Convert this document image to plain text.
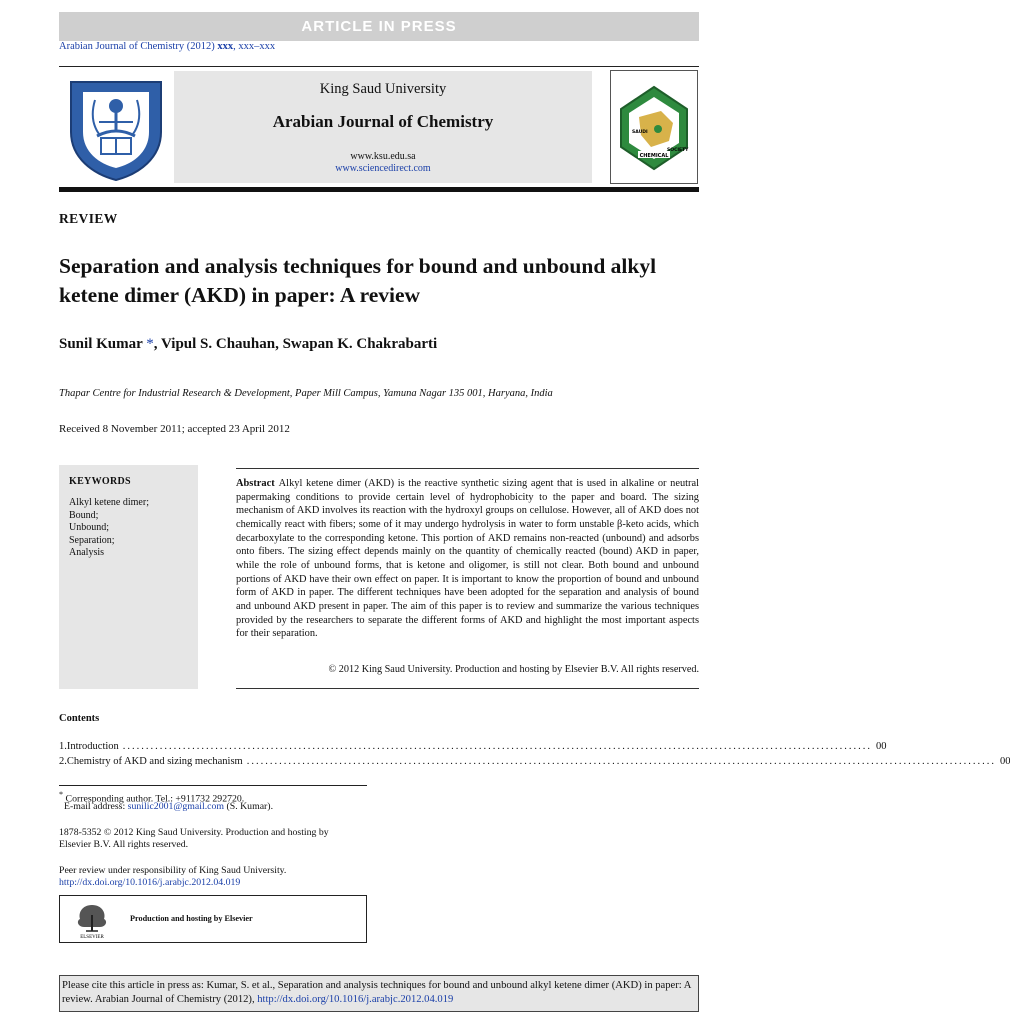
ARTICLE IN PRESS
Arabian Journal of Chemistry (2012) xxx, xxx–xxx
King Saud University
Arabian Journal of Chemistry
www.ksu.edu.sa
www.sciencedirect.com
CHEMICAL
SAUDI
SOCIETY
REVIEW
Separation and analysis techniques for bound and unbound alkyl ketene dimer (AKD) in paper: A review
Sunil Kumar *, Vipul S. Chauhan, Swapan K. Chakrabarti
Thapar Centre for Industrial Research & Development, Paper Mill Campus, Yamuna Nagar 135 001, Haryana, India
Received 8 November 2011; accepted 23 April 2012
KEYWORDS
Alkyl ketene dimer;
Bound;
Unbound;
Separation;
Analysis
Abstract Alkyl ketene dimer (AKD) is the reactive synthetic sizing agent that is used in alkaline or neutral papermaking conditions to provide certain level of hydrophobicity to the paper and board. The sizing mechanism of AKD involves its reaction with the hydroxyl groups on cellulose. However, all of AKD does not chemically react with fibers; some of it may undergo hydrolysis in water to form unstable β-keto acids, which decarboxylate to the corresponding ketone. This portion of AKD remains non-reacted (unbound) and adsorbs onto fibers. The sizing effect depends mainly on the quantity of chemically reacted (bound) AKD in paper, while the role of unbound forms, that is ketone and oligomer, is still not clear. Both bound and unbound portions of AKD have their own effect on paper. It is important to know the proportion of bound and unbound form of AKD in paper. The different techniques have been adopted for the separation and analysis of bound and unbound AKD present in paper. The aim of this paper is to review and summarize the various techniques provided by the researchers to separate the different forms of AKD and highlight the most important aspects for their separation.
© 2012 King Saud University. Production and hosting by Elsevier B.V. All rights reserved.
Contents
1. Introduction .................................................................................................................................................................. 00
2. Chemistry of AKD and sizing mechanism .................................................................................................................................................................. 00
* Corresponding author. Tel.: +911732 292720.
E-mail address: sunilic2001@gmail.com (S. Kumar).
1878-5352 © 2012 King Saud University. Production and hosting by
Elsevier B.V. All rights reserved.
Peer review under responsibility of King Saud University.
http://dx.doi.org/10.1016/j.arabjc.2012.04.019
ELSEVIER
Production and hosting by Elsevier
Please cite this article in press as: Kumar, S. et al., Separation and analysis techniques for bound and unbound alkyl ketene dimer (AKD) in paper: A review. Arabian Journal of Chemistry (2012), http://dx.doi.org/10.1016/j.arabjc.2012.04.019
